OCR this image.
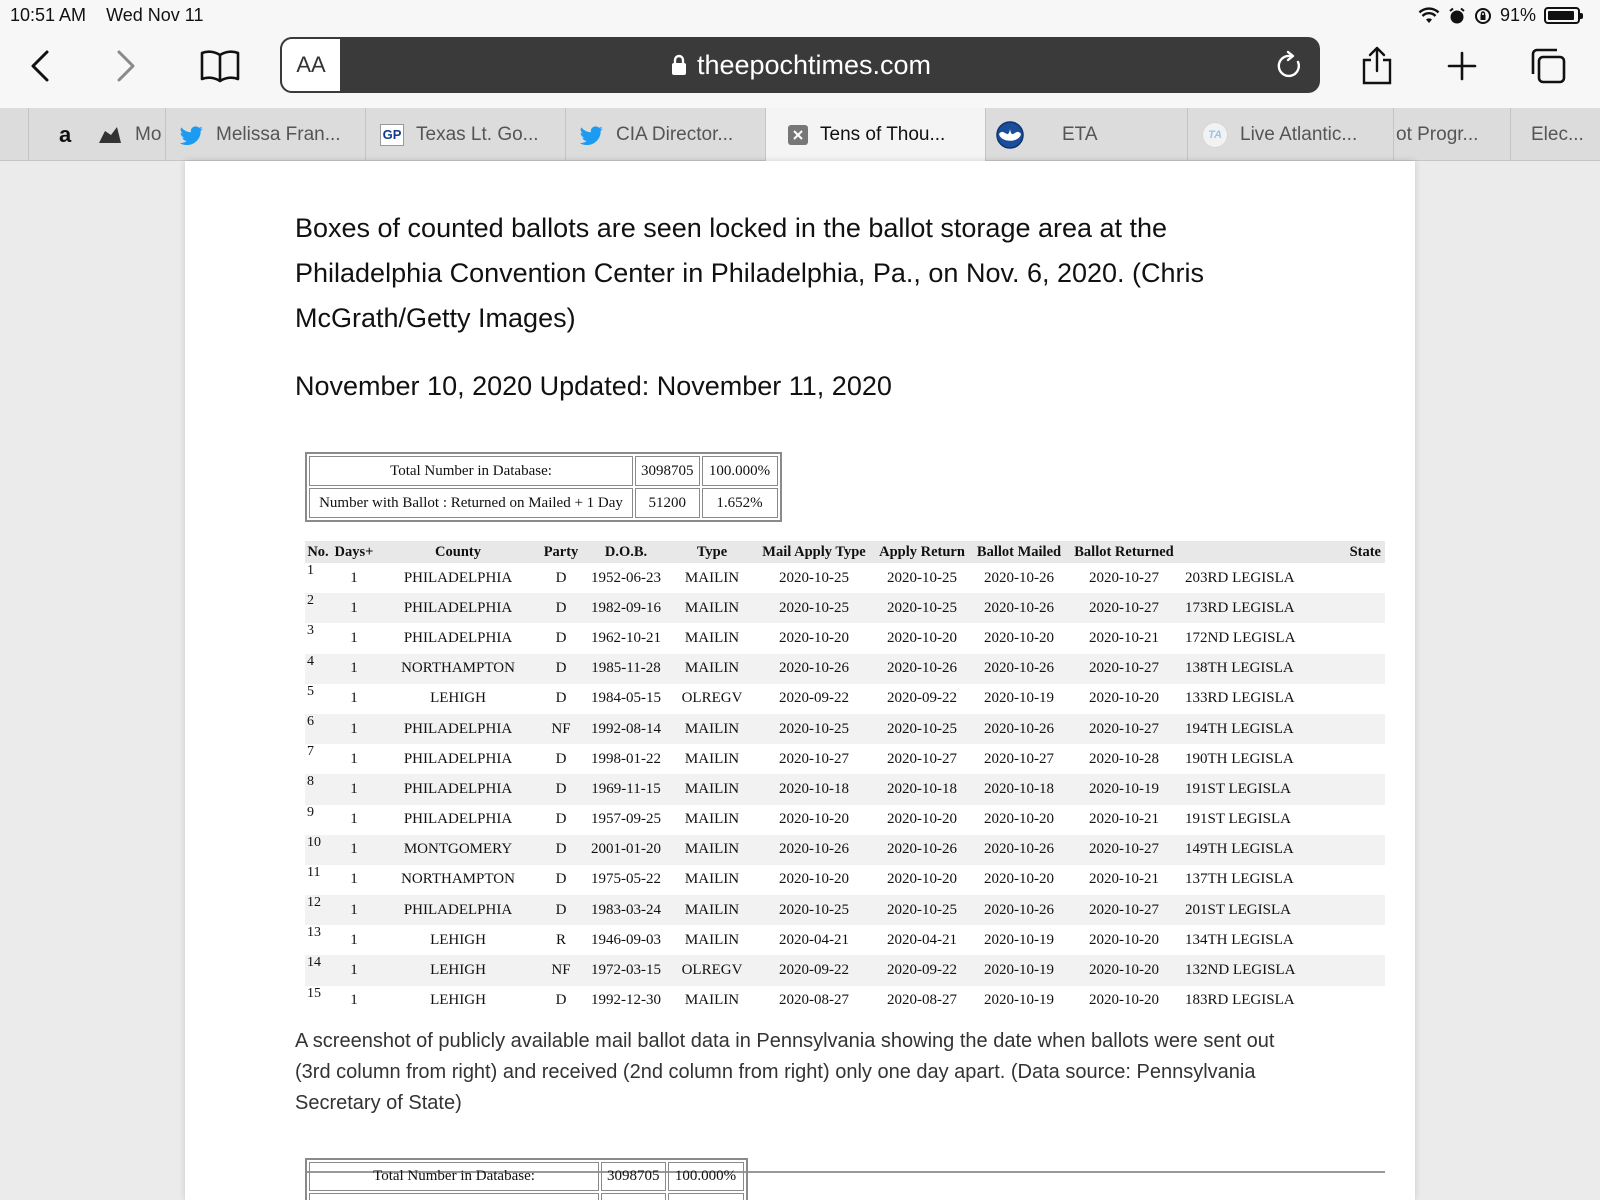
10:51 AM Wed Nov 11	91%
AA	theepochtimes.com
a	Mo	Melissa Fran...	GP Texas Lt. Go...	CIA Director...	Tens of Thou...	ETA	TA Live Atlantic... ot Progr...	Elec...

Boxes of counted ballots are seen locked in the ballot storage area at the Philadelphia Convention Center in Philadelphia, Pa., on Nov. 6, 2020. (Chris McGrath/Getty Images)

November 10, 2020 Updated: November 11, 2020

Total Number in Database:	3098705	100.000%
Number with Ballot : Returned on Mailed + 1 Day	51200	1.652%
No.	Days+	County	Party	D.O.B.	Type	Mail Apply Type	Apply Return	Ballot Mailed	Ballot Returned	State
1	1	PHILADELPHIA	D	1952-06-23	MAILIN	2020-10-25	2020-10-25	2020-10-26	2020-10-27	203RD LEGISLA
2	1	PHILADELPHIA	D	1982-09-16	MAILIN	2020-10-25	2020-10-25	2020-10-26	2020-10-27	173RD LEGISLA
3	1	PHILADELPHIA	D	1962-10-21	MAILIN	2020-10-20	2020-10-20	2020-10-20	2020-10-21	172ND LEGISLA
4	1	NORTHAMPTON	D	1985-11-28	MAILIN	2020-10-26	2020-10-26	2020-10-26	2020-10-27	138TH LEGISLA
5	1	LEHIGH	D	1984-05-15	OLREGV	2020-09-22	2020-09-22	2020-10-19	2020-10-20	133RD LEGISLA
6	1	PHILADELPHIA	NF	1992-08-14	MAILIN	2020-10-25	2020-10-25	2020-10-26	2020-10-27	194TH LEGISLA
7	1	PHILADELPHIA	D	1998-01-22	MAILIN	2020-10-27	2020-10-27	2020-10-27	2020-10-28	190TH LEGISLA
8	1	PHILADELPHIA	D	1969-11-15	MAILIN	2020-10-18	2020-10-18	2020-10-18	2020-10-19	191ST LEGISLA
9	1	PHILADELPHIA	D	1957-09-25	MAILIN	2020-10-20	2020-10-20	2020-10-20	2020-10-21	191ST LEGISLA
10	1	MONTGOMERY	D	2001-01-20	MAILIN	2020-10-26	2020-10-26	2020-10-26	2020-10-27	149TH LEGISLA
11	1	NORTHAMPTON	D	1975-05-22	MAILIN	2020-10-20	2020-10-20	2020-10-20	2020-10-21	137TH LEGISLA
12	1	PHILADELPHIA	D	1983-03-24	MAILIN	2020-10-25	2020-10-25	2020-10-26	2020-10-27	201ST LEGISLA
13	1	LEHIGH	R	1946-09-03	MAILIN	2020-04-21	2020-04-21	2020-10-19	2020-10-20	134TH LEGISLA
14	1	LEHIGH	NF	1972-03-15	OLREGV	2020-09-22	2020-09-22	2020-10-19	2020-10-20	132ND LEGISLA
15	1	LEHIGH	D	1992-12-30	MAILIN	2020-08-27	2020-08-27	2020-10-19	2020-10-20	183RD LEGISLA

A screenshot of publicly available mail ballot data in Pennsylvania showing the date when ballots were sent out (3rd column from right) and received (2nd column from right) only one day apart. (Data source: Pennsylvania Secretary of State)

Total Number in Database:	3098705	100.000%
